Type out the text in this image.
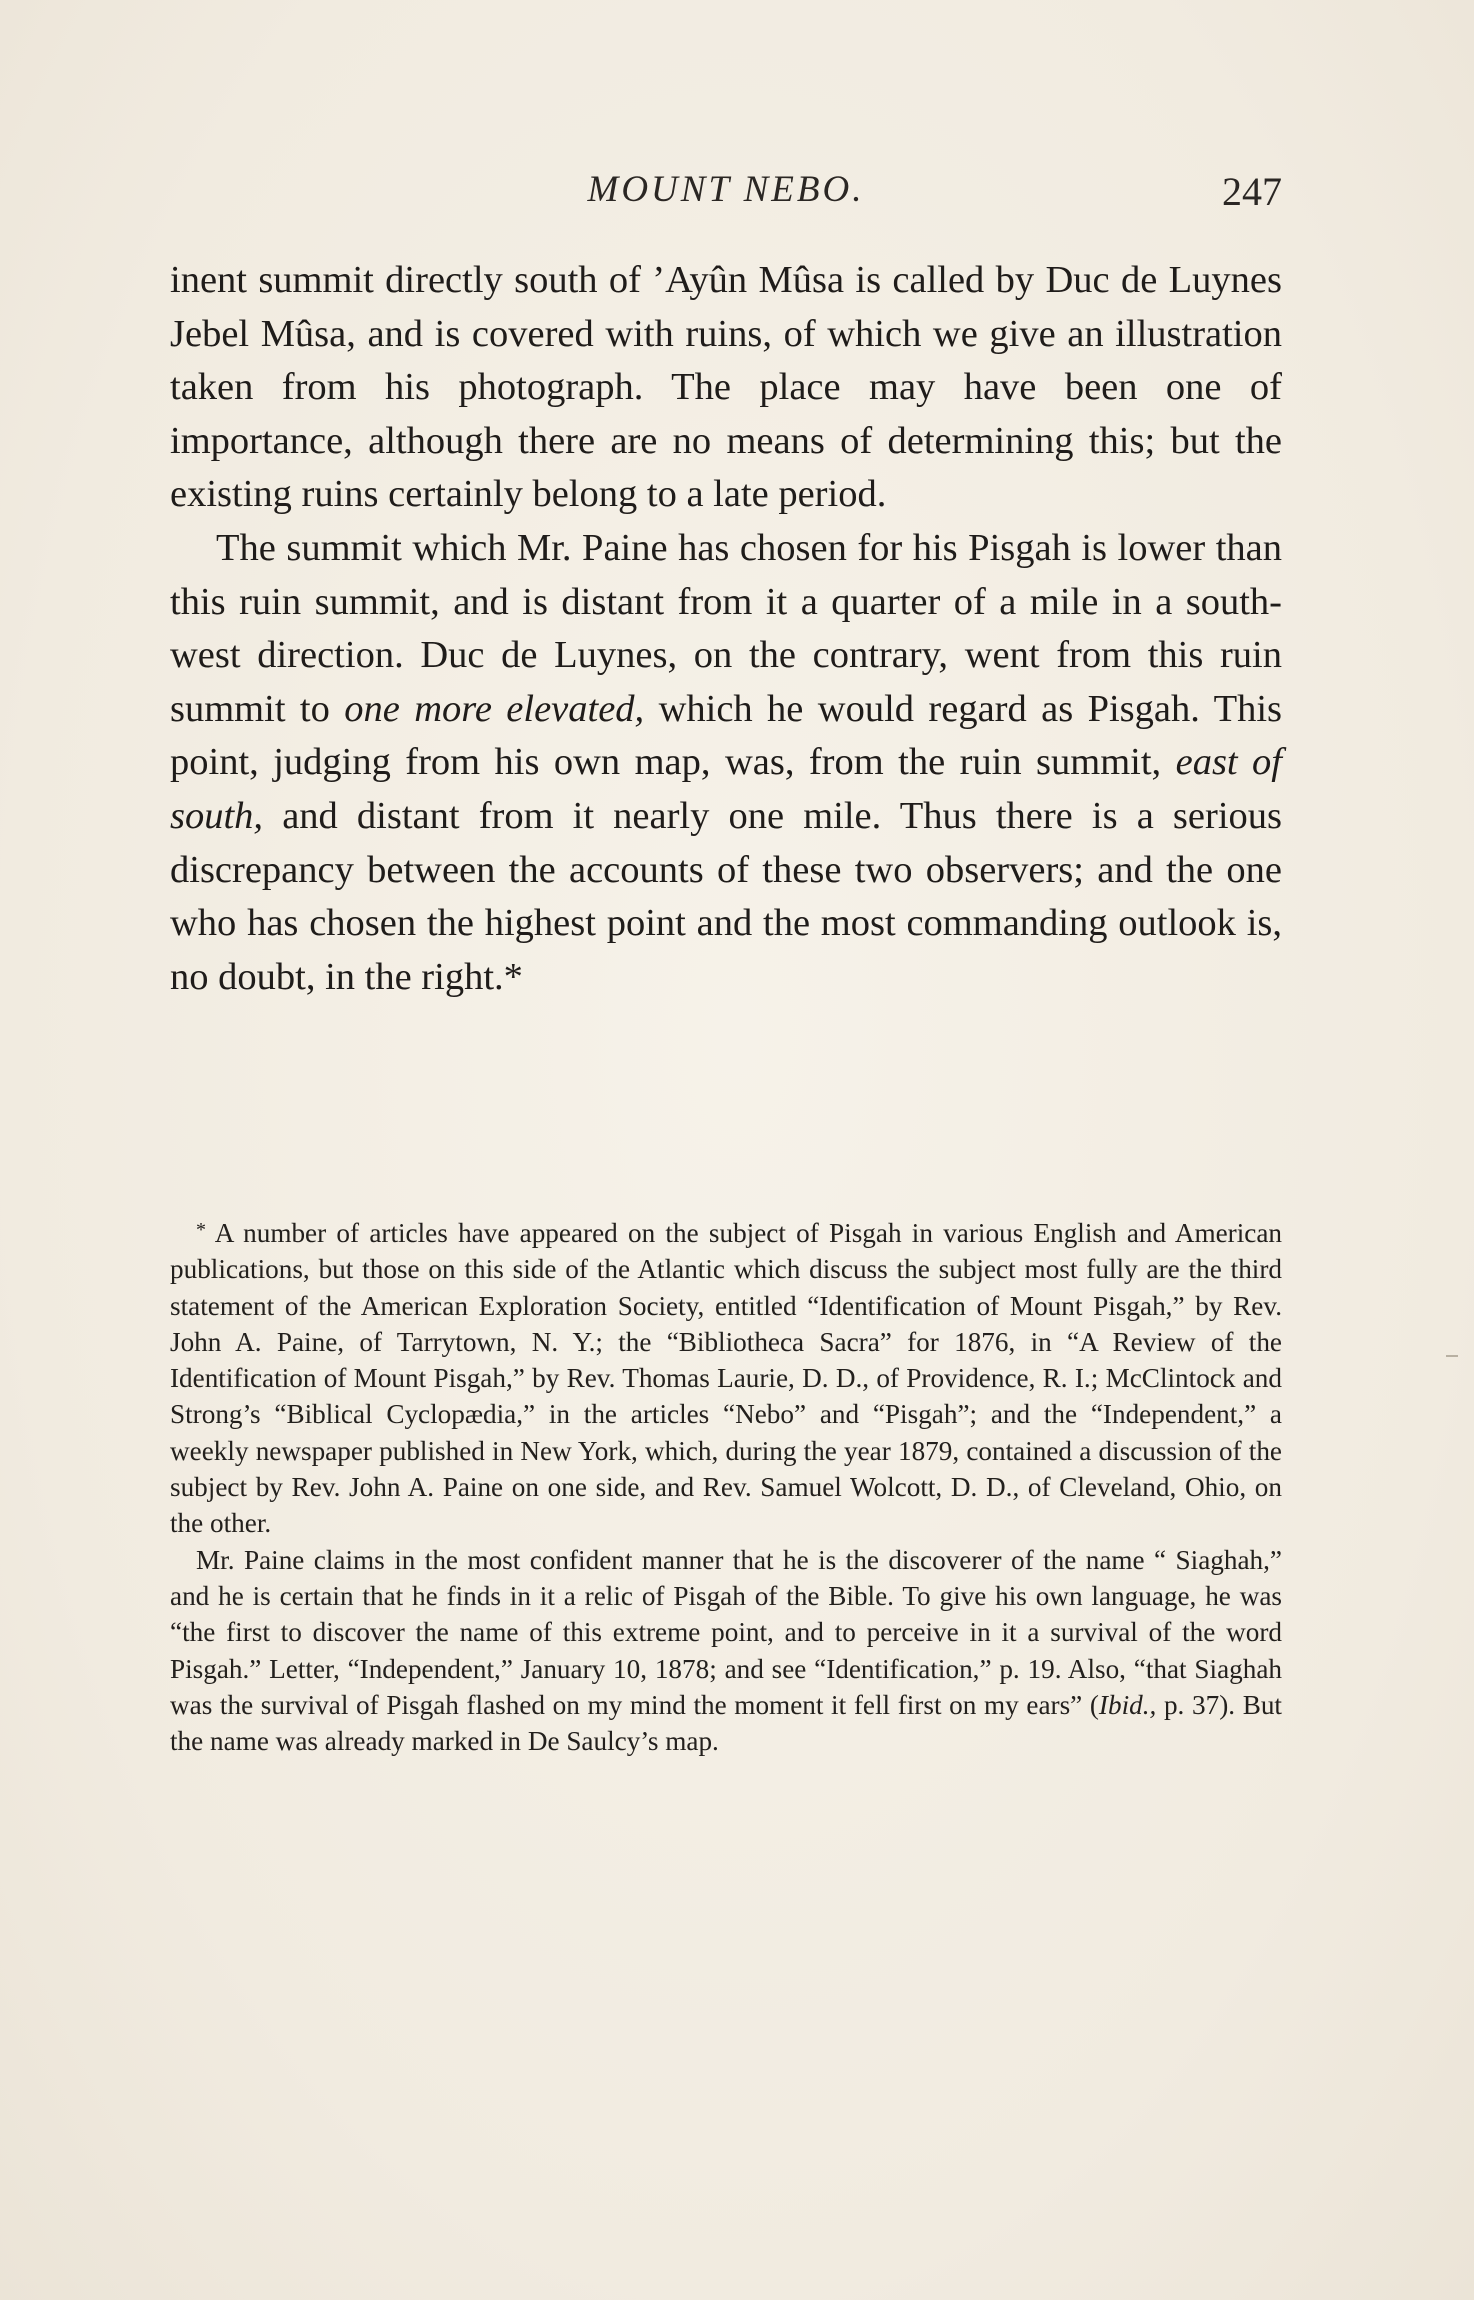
MOUNT NEBO.	247

inent summit directly south of ’Ayûn Mûsa is called by Duc de Luynes Jebel Mûsa, and is covered with ruins, of which we give an illustration taken from his photograph. The place may have been one of importance, although there are no means of determining this; but the existing ruins certainly belong to a late period.

The summit which Mr. Paine has chosen for his Pisgah is lower than this ruin summit, and is distant from it a quarter of a mile in a south-west direction. Duc de Luynes, on the contrary, went from this ruin summit to one more elevated, which he would regard as Pisgah. This point, judging from his own map, was, from the ruin summit, east of south, and distant from it nearly one mile. Thus there is a serious discrepancy between the accounts of these two observers; and the one who has chosen the highest point and the most commanding outlook is, no doubt, in the right.*

* A number of articles have appeared on the subject of Pisgah in various English and American publications, but those on this side of the Atlantic which discuss the subject most fully are the third statement of the American Exploration Society, entitled “Identification of Mount Pisgah,” by Rev. John A. Paine, of Tarrytown, N. Y.; the “Bibliotheca Sacra” for 1876, in “A Review of the Identification of Mount Pisgah,” by Rev. Thomas Laurie, D. D., of Providence, R. I.; McClintock and Strong’s “Biblical Cyclopædia,” in the articles “Nebo” and “Pisgah”; and the “Independent,” a weekly newspaper published in New York, which, during the year 1879, contained a discussion of the subject by Rev. John A. Paine on one side, and Rev. Samuel Wolcott, D. D., of Cleveland, Ohio, on the other.

Mr. Paine claims in the most confident manner that he is the discoverer of the name “ Siaghah,” and he is certain that he finds in it a relic of Pisgah of the Bible. To give his own language, he was “the first to discover the name of this extreme point, and to perceive in it a survival of the word Pisgah.” Letter, “Independent,” January 10, 1878; and see “Identification,” p. 19. Also, “that Siaghah was the survival of Pisgah flashed on my mind the moment it fell first on my ears” (Ibid., p. 37). But the name was already marked in De Saulcy’s map.
